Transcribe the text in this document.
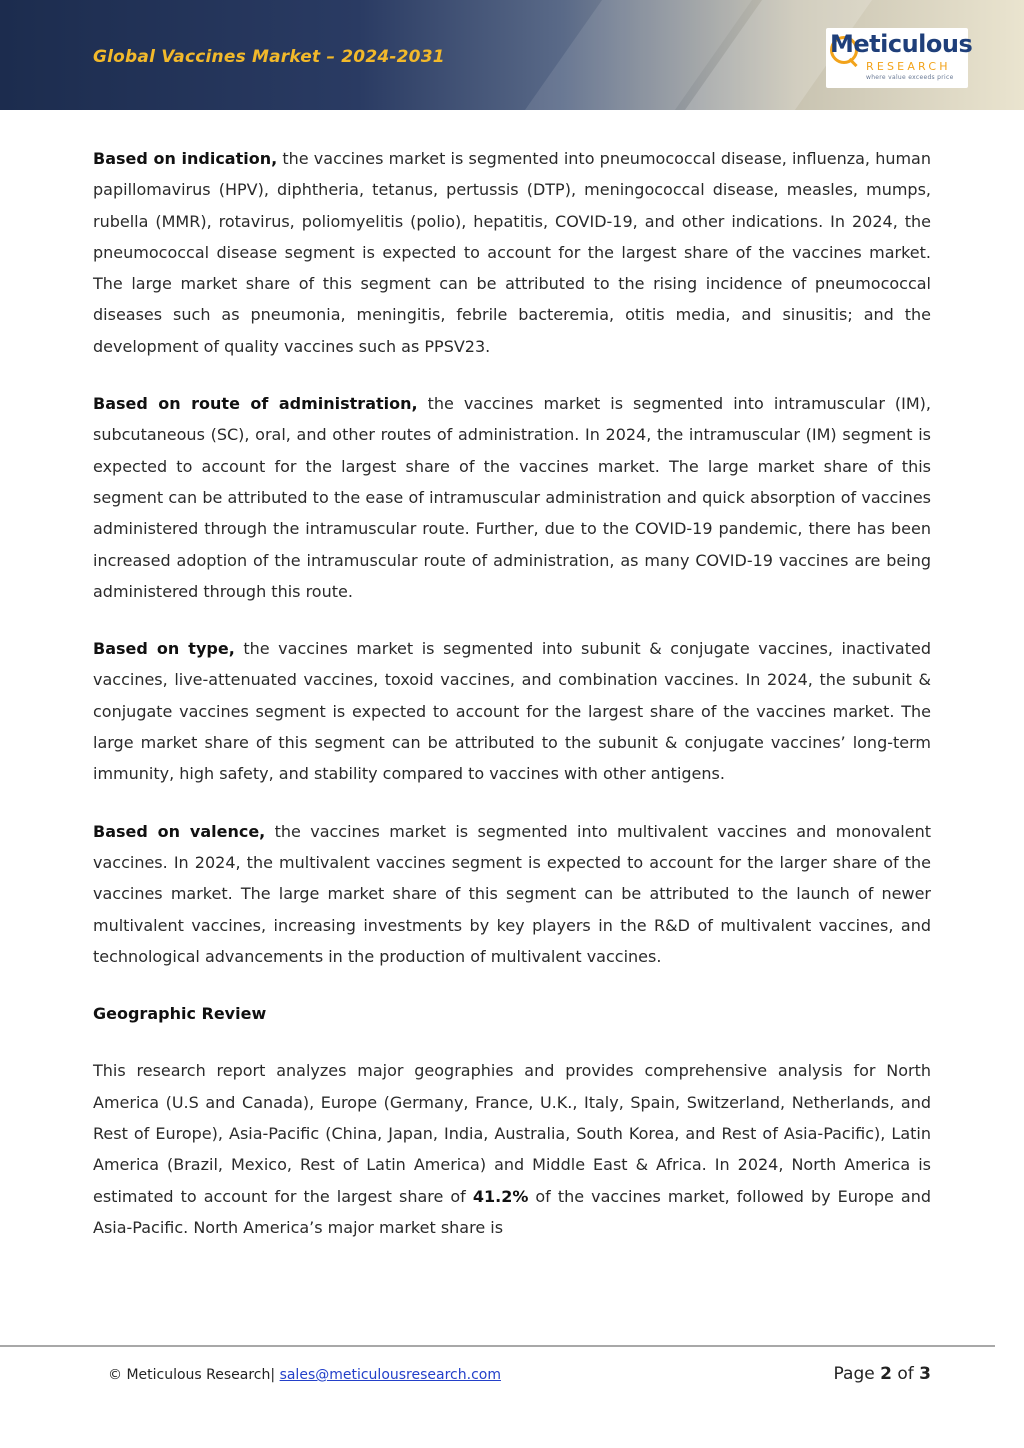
Global Vaccines Market – 2024-2031	Meticulous
RESEARCH
where value exceeds price

Based on indication, the vaccines market is segmented into pneumococcal disease, influenza, human papillomavirus (HPV), diphtheria, tetanus, pertussis (DTP), meningococcal disease, measles, mumps, rubella (MMR), rotavirus, poliomyelitis (polio), hepatitis, COVID-19, and other indications. In 2024, the pneumococcal disease segment is expected to account for the largest share of the vaccines market. The large market share of this segment can be attributed to the rising incidence of pneumococcal diseases such as pneumonia, meningitis, febrile bacteremia, otitis media, and sinusitis; and the development of quality vaccines such as PPSV23.

Based on route of administration, the vaccines market is segmented into intramuscular (IM), subcutaneous (SC), oral, and other routes of administration. In 2024, the intramuscular (IM) segment is expected to account for the largest share of the vaccines market. The large market share of this segment can be attributed to the ease of intramuscular administration and quick absorption of vaccines administered through the intramuscular route. Further, due to the COVID-19 pandemic, there has been increased adoption of the intramuscular route of administration, as many COVID-19 vaccines are being administered through this route.

Based on type, the vaccines market is segmented into subunit & conjugate vaccines, inactivated vaccines, live-attenuated vaccines, toxoid vaccines, and combination vaccines. In 2024, the subunit & conjugate vaccines segment is expected to account for the largest share of the vaccines market. The large market share of this segment can be attributed to the subunit & conjugate vaccines’ long-term immunity, high safety, and stability compared to vaccines with other antigens.

Based on valence, the vaccines market is segmented into multivalent vaccines and monovalent vaccines. In 2024, the multivalent vaccines segment is expected to account for the larger share of the vaccines market. The large market share of this segment can be attributed to the launch of newer multivalent vaccines, increasing investments by key players in the R&D of multivalent vaccines, and technological advancements in the production of multivalent vaccines.

Geographic Review

This research report analyzes major geographies and provides comprehensive analysis for North America (U.S and Canada), Europe (Germany, France, U.K., Italy, Spain, Switzerland, Netherlands, and Rest of Europe), Asia-Pacific (China, Japan, India, Australia, South Korea, and Rest of Asia-Pacific), Latin America (Brazil, Mexico, Rest of Latin America) and Middle East & Africa. In 2024, North America is estimated to account for the largest share of 41.2% of the vaccines market, followed by Europe and Asia-Pacific. North America’s major market share is

© Meticulous Research| sales@meticulousresearch.com	Page 2 of 3
